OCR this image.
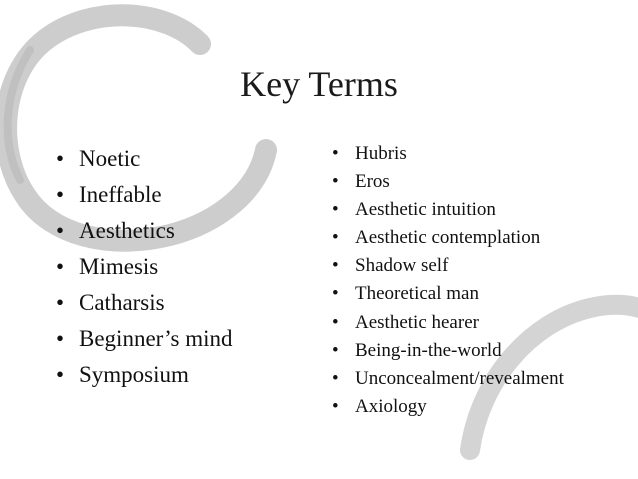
Key Terms
• Noetic
• Ineffable
• Aesthetics
• Mimesis
• Catharsis
• Beginner’s mind
• Symposium
• Hubris
• Eros
• Aesthetic intuition
• Aesthetic contemplation
• Shadow self
• Theoretical man
• Aesthetic hearer
• Being-in-the-world
• Unconcealment/revealment
• Axiology
